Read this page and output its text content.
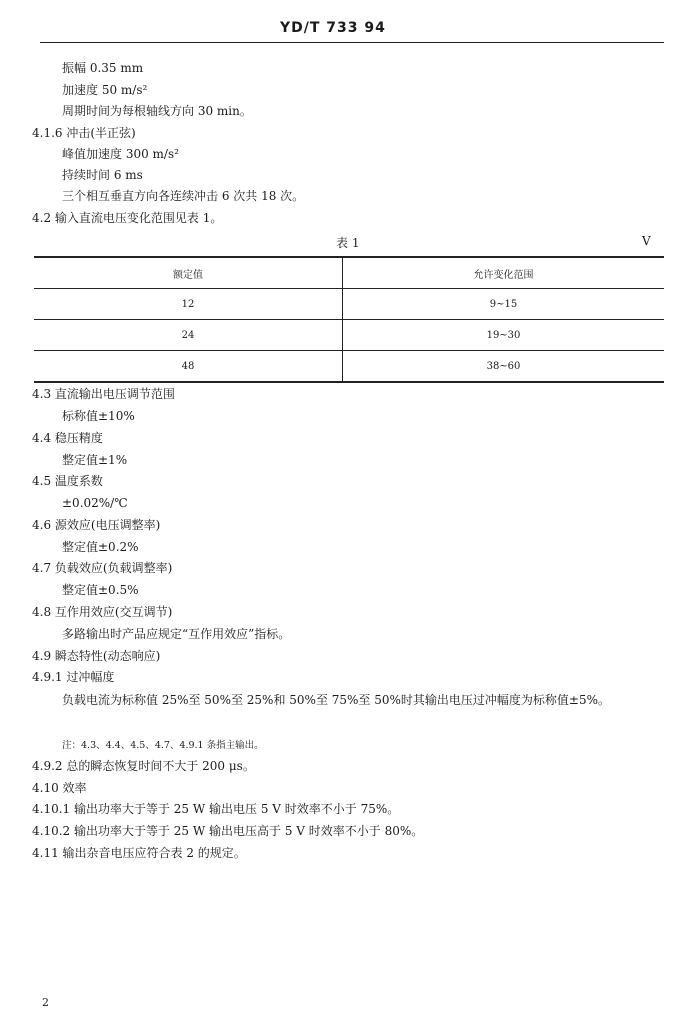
YD/T 733 94
振幅 0.35 mm
加速度 50 m/s²
周期时间为每根轴线方向 30 min。
4.1.6 冲击(半正弦)
峰值加速度 300 m/s²
持续时间 6 ms
三个相互垂直方向各连续冲击 6 次共 18 次。
4.2 输入直流电压变化范围见表 1。
表 1	V
额定值	允许变化范围
12	9~15
24	19~30
48	38~60
4.3 直流输出电压调节范围
标称值±10%
4.4 稳压精度
整定值±1%
4.5 温度系数
±0.02%/℃
4.6 源效应(电压调整率)
整定值±0.2%
4.7 负载效应(负载调整率)
整定值±0.5%
4.8 互作用效应(交互调节)
多路输出时产品应规定“互作用效应”指标。
4.9 瞬态特性(动态响应)
4.9.1 过冲幅度
负载电流为标称值 25%至 50%至 25%和 50%至 75%至 50%时其输出电压过冲幅度为标称值±5%。
注：4.3、4.4、4.5、4.7、4.9.1 条指主输出。
4.9.2 总的瞬态恢复时间不大于 200 μs。
4.10 效率
4.10.1 输出功率大于等于 25 W 输出电压 5 V 时效率不小于 75%。
4.10.2 输出功率大于等于 25 W 输出电压高于 5 V 时效率不小于 80%。
4.11 输出杂音电压应符合表 2 的规定。
2
